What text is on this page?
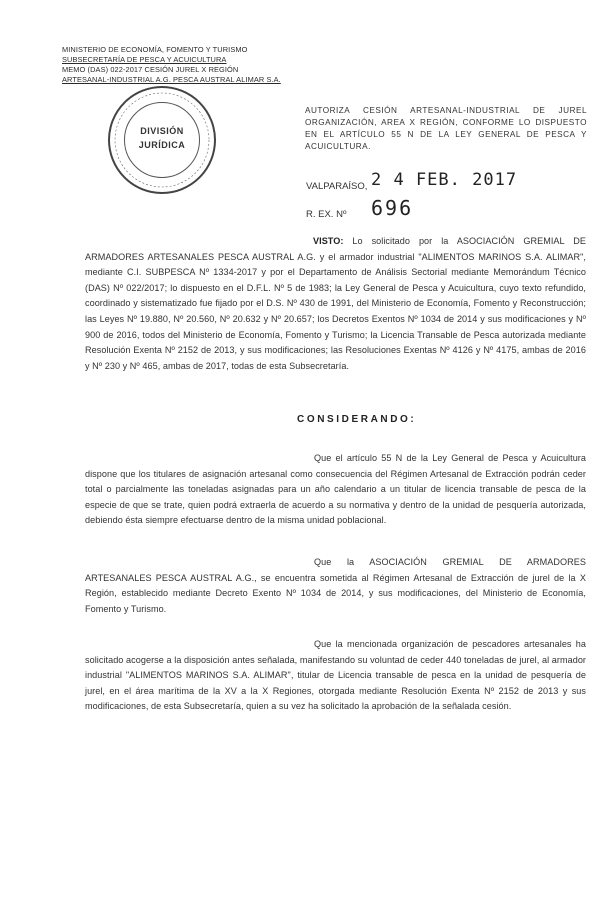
MINISTERIO DE ECONOMÍA, FOMENTO Y TURISMO
SUBSECRETARÍA DE PESCA Y ACUICULTURA
MEMO (DAS) 022-2017 CESIÓN JUREL X REGIÓN
ARTESANAL-INDUSTRIAL A.G. PESCA AUSTRAL ALIMAR S.A.
DIVISIÓN
JURÍDICA
AUTORIZA CESIÓN ARTESANAL-INDUSTRIAL DE JUREL ORGANIZACIÓN, AREA X REGIÓN, CONFORME LO DISPUESTO EN EL ARTÍCULO 55 N DE LA LEY GENERAL DE PESCA Y ACUICULTURA.
VALPARAÍSO, 2 4 FEB. 2017
R. EX. Nº 696
VISTO: Lo solicitado por la ASOCIACIÓN GREMIAL DE ARMADORES ARTESANALES PESCA AUSTRAL A.G. y el armador industrial "ALIMENTOS MARINOS S.A. ALIMAR", mediante C.I. SUBPESCA Nº 1334-2017 y por el Departamento de Análisis Sectorial mediante Memorándum Técnico (DAS) Nº 022/2017; lo dispuesto en el D.F.L. Nº 5 de 1983; la Ley General de Pesca y Acuicultura, cuyo texto refundido, coordinado y sistematizado fue fijado por el D.S. Nº 430 de 1991, del Ministerio de Economía, Fomento y Reconstrucción; las Leyes Nº 19.880, Nº 20.560, Nº 20.632 y Nº 20.657; los Decretos Exentos Nº 1034 de 2014 y sus modificaciones y Nº 900 de 2016, todos del Ministerio de Economía, Fomento y Turismo; la Licencia Transable de Pesca autorizada mediante Resolución Exenta Nº 2152 de 2013, y sus modificaciones; las Resoluciones Exentas Nº 4126 y Nº 4175, ambas de 2016 y Nº 230 y Nº 465, ambas de 2017, todas de esta Subsecretaría.
CONSIDERANDO:
Que el artículo 55 N de la Ley General de Pesca y Acuicultura dispone que los titulares de asignación artesanal como consecuencia del Régimen Artesanal de Extracción podrán ceder total o parcialmente las toneladas asignadas para un año calendario a un titular de licencia transable de pesca de la especie de que se trate, quien podrá extraerla de acuerdo a su normativa y dentro de la unidad de pesquería autorizada, debiendo ésta siempre efectuarse dentro de la misma unidad poblacional.
Que la ASOCIACIÓN GREMIAL DE ARMADORES ARTESANALES PESCA AUSTRAL A.G., se encuentra sometida al Régimen Artesanal de Extracción de jurel de la X Región, establecido mediante Decreto Exento Nº 1034 de 2014, y sus modificaciones, del Ministerio de Economía, Fomento y Turismo.
Que la mencionada organización de pescadores artesanales ha solicitado acogerse a la disposición antes señalada, manifestando su voluntad de ceder 440 toneladas de jurel, al armador industrial "ALIMENTOS MARINOS S.A. ALIMAR", titular de Licencia transable de pesca en la unidad de pesquería de jurel, en el área marítima de la XV a la X Regiones, otorgada mediante Resolución Exenta Nº 2152 de 2013 y sus modificaciones, de esta Subsecretaría, quien a su vez ha solicitado la aprobación de la señalada cesión.
